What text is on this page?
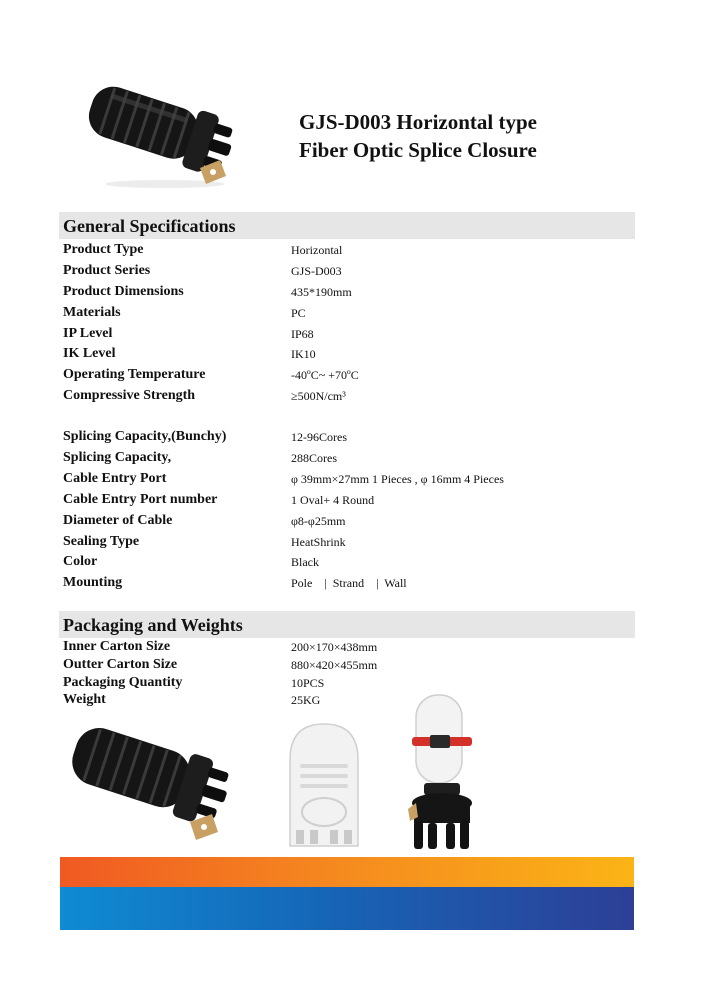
GJS-D003 Horizontal type
Fiber Optic Splice Closure
General Specifications
Product Type	Horizontal
Product Series	GJS-D003
Product Dimensions	435*190mm
Materials	PC
IP Level	IP68
IK Level	IK10
Operating Temperature	-40ºC~ +70ºC
Compressive Strength	≥500N/cm³
Splicing Capacity,(Bunchy)	12-96Cores
Splicing Capacity,	288Cores
Cable Entry Port	φ 39mm×27mm 1 Pieces , φ 16mm 4 Pieces
Cable Entry Port number	1 Oval+ 4 Round
Diameter of Cable	φ8-φ25mm
Sealing Type	HeatShrink
Color	Black
Mounting	Pole    |  Strand    |  Wall
Packaging and Weights
Inner Carton Size	200×170×438mm
Outter Carton Size	880×420×455mm
Packaging Quantity	10PCS
Weight	25KG
